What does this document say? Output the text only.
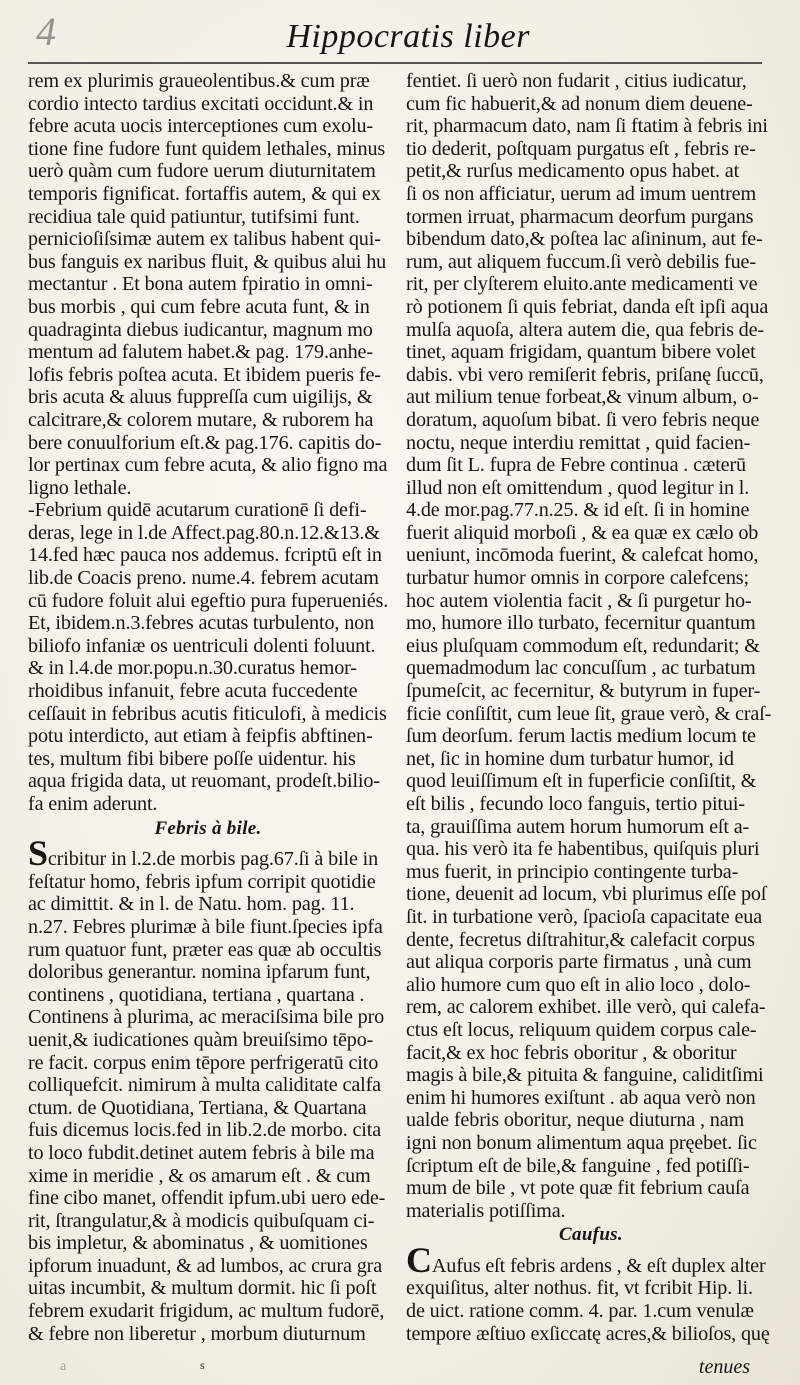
4	Hippocratis liber
rem ex plurimis graueolentibus.& cum præ
cordio intecto tardius excitati occidunt.& in
febre acuta uocis interceptiones cum exolu-
tione fine fudore funt quidem lethales, minus
uerò quàm cum fudore uerum diuturnitatem
temporis fignificat. fortaffis autem, & qui ex
recidiua tale quid patiuntur, tutifsimi funt.
pernicioſiſsimæ autem ex talibus habent qui-
bus fanguis ex naribus fluit, & quibus alui hu
mectantur . Et bona autem fpiratio in omni-
bus morbis , qui cum febre acuta funt, & in
quadraginta diebus iudicantur, magnum mo
mentum ad falutem habet.& pag. 179.anhe-
lofis febris poſtea acuta. Et ibidem pueris fe-
bris acuta & aluus fuppreſſa cum uigilijs, &
calcitrare,& colorem mutare, & ruborem ha
bere conuulforium eſt.& pag.176. capitis do-
lor pertinax cum febre acuta, & alio figno ma
ligno lethale.
-Febrium quidē acutarum curationē ſi defi-
deras, lege in l.de Affect.pag.80.n.12.&13.&
14.fed hæc pauca nos addemus. fcriptū eſt in
lib.de Coacis preno. nume.4. febrem acutam
cū fudore foluit alui egeftio pura fuperueniés.
Et, ibidem.n.3.febres acutas turbulento, non
biliofo infaniæ os uentriculi dolenti foluunt.
& in l.4.de mor.popu.n.30.curatus hemor-
rhoidibus infanuit, febre acuta fuccedente
ceſſauit in febribus acutis fiticulofi, à medicis
potu interdicto, aut etiam à feipfis abftinen-
tes, multum fibi bibere poſſe uidentur. his
aqua frigida data, ut reuomant, prodeſt.bilio-
fa enim aderunt.
Febris à bile.
Scribitur in l.2.de morbis pag.67.ſi à bile in
feſtatur homo, febris ipfum corripit quotidie
ac dimittit. & in l. de Natu. hom. pag. 11.
n.27. Febres plurimæ à bile fiunt.ſpecies ipfa
rum quatuor funt, præter eas quæ ab occultis
doloribus generantur. nomina ipfarum funt,
continens , quotidiana, tertiana , quartana .
Continens à plurima, ac meraciſsima bile pro
uenit,& iudicationes quàm breuiſsimo tēpo-
re facit. corpus enim tēpore perfrigeratū cito
colliquefcit. nimirum à multa caliditate calfa
ctum. de Quotidiana, Tertiana, & Quartana
fuis dicemus locis.fed in lib.2.de morbo. cita
to loco fubdit.detinet autem febris à bile ma
xime in meridie , & os amarum eſt . & cum
fine cibo manet, offendit ipfum.ubi uero ede-
rit, ſtrangulatur,& à modicis quibuſquam ci-
bis impletur, & abominatus , & uomitiones
ipforum inuadunt, & ad lumbos, ac crura gra
uitas incumbit, & multum dormit. hic ſi poſt
febrem exudarit frigidum, ac multum fudorē,
& febre non liberetur , morbum diuturnum
fentiet. ſi uerò non fudarit , citius iudicatur,
cum fic habuerit,& ad nonum diem deuene-
rit, pharmacum dato, nam ſi ftatim à febris ini
tio dederit, poſtquam purgatus eſt , febris re-
petit,& rurſus medicamento opus habet. at
ſi os non afficiatur, uerum ad imum uentrem
tormen irruat, pharmacum deorfum purgans
bibendum dato,& poſtea lac aſininum, aut fe-
rum, aut aliquem fuccum.ſi verò debilis fue-
rit, per clyſterem eluito.ante medicamenti ve
rò potionem ſi quis febriat, danda eſt ipſi aqua
mulſa aquoſa, altera autem die, qua febris de-
tinet, aquam frigidam, quantum bibere volet
dabis. vbi vero remiſerit febris, priſanę ſuccū,
aut milium tenue forbeat,& vinum album, o-
doratum, aquoſum bibat. ſi vero febris neque
noctu, neque interdiu remittat , quid facien-
dum ſit L. fupra de Febre continua . cæterū
illud non eſt omittendum , quod legitur in l.
4.de mor.pag.77.n.25. & id eſt. ſi in homine
fuerit aliquid morboſi , & ea quæ ex cælo ob
ueniunt, incōmoda fuerint, & calefcat homo,
turbatur humor omnis in corpore calefcens;
hoc autem violentia facit , & ſi purgetur ho-
mo, humore illo turbato, fecernitur quantum
eius pluſquam commodum eſt, redundarit; &
quemadmodum lac concuſſum , ac turbatum
ſpumeſcit, ac fecernitur, & butyrum in fuper-
ficie conſiſtit, cum leue ſit, graue verò, & craſ-
ſum deorſum. ferum lactis medium locum te
net, ſic in homine dum turbatur humor, id
quod leuiſſimum eſt in fuperficie conſiſtit, &
eſt bilis , fecundo loco fanguis, tertio pitui-
ta, grauiſſima autem horum humorum eſt a-
qua. his verò ita fe habentibus, quiſquis pluri
mus fuerit, in principio contingente turba-
tione, deuenit ad locum, vbi plurimus eſſe poſ
ſit. in turbatione verò, ſpacioſa capacitate eua
dente, fecretus diſtrahitur,& calefacit corpus
aut aliqua corporis parte firmatus , unà cum
alio humore cum quo eſt in alio loco , dolo-
rem, ac calorem exhibet. ille verò, qui calefa-
ctus eſt locus, reliquum quidem corpus cale-
facit,& ex hoc febris oboritur , & oboritur
magis à bile,& pituita & fanguine, caliditſimi
enim hi humores exiſtunt . ab aqua verò non
ualde febris oboritur, neque diuturna , nam
igni non bonum alimentum aqua pręebet. ſic
ſcriptum eſt de bile,& fanguine , fed potiſſi-
mum de bile , vt pote quæ fit febrium cauſa
materialis potiſſima.
Caufus.
CAufus eſt febris ardens , & eſt duplex alter
exquiſitus, alter nothus. fit, vt fcribit Hip. li.
de uict. ratione comm. 4. par. 1.cum venulæ
tempore æſtiuo exſiccatę acres,& bilioſos, quę
a	s	tenues
